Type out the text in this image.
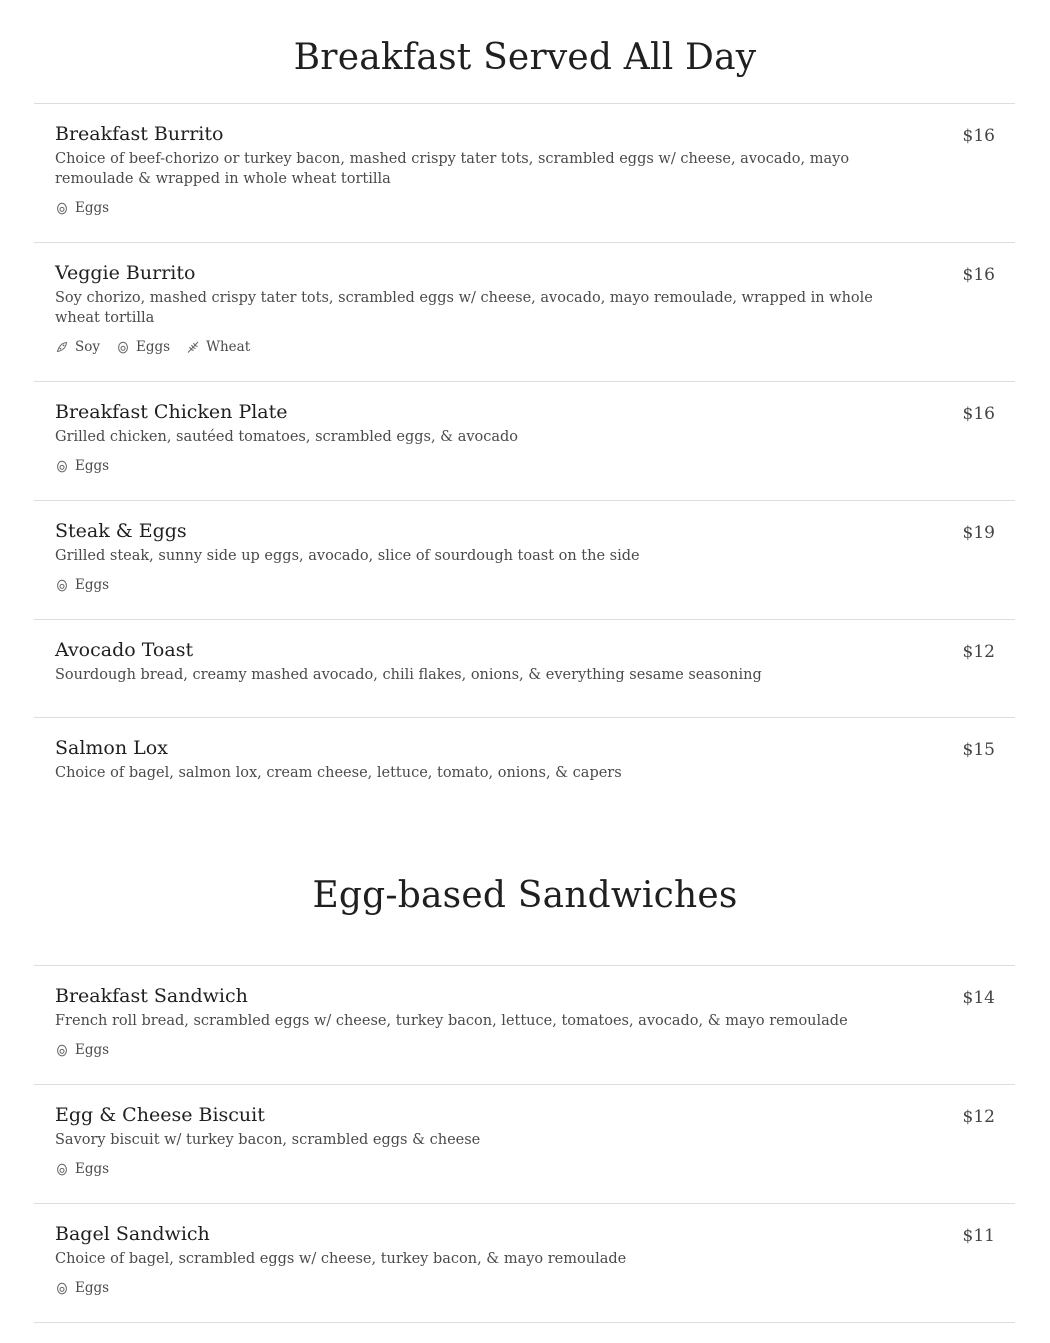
Breakfast Served All Day
Breakfast Burrito	$16
Choice of beef-chorizo or turkey bacon, mashed crispy tater tots, scrambled eggs w/ cheese, avocado, mayo remoulade & wrapped in whole wheat tortilla
Eggs
Veggie Burrito	$16
Soy chorizo, mashed crispy tater tots, scrambled eggs w/ cheese, avocado, mayo remoulade, wrapped in whole wheat tortilla
Soy	Eggs	Wheat
Breakfast Chicken Plate	$16
Grilled chicken, sautéed tomatoes, scrambled eggs, & avocado
Eggs
Steak & Eggs	$19
Grilled steak, sunny side up eggs, avocado, slice of sourdough toast on the side
Eggs
Avocado Toast	$12
Sourdough bread, creamy mashed avocado, chili flakes, onions, & everything sesame seasoning
Salmon Lox	$15
Choice of bagel, salmon lox, cream cheese, lettuce, tomato, onions, & capers
Egg-based Sandwiches
Breakfast Sandwich	$14
French roll bread, scrambled eggs w/ cheese, turkey bacon, lettuce, tomatoes, avocado, & mayo remoulade
Eggs
Egg & Cheese Biscuit	$12
Savory biscuit w/ turkey bacon, scrambled eggs & cheese
Eggs
Bagel Sandwich	$11
Choice of bagel, scrambled eggs w/ cheese, turkey bacon, & mayo remoulade
Eggs
